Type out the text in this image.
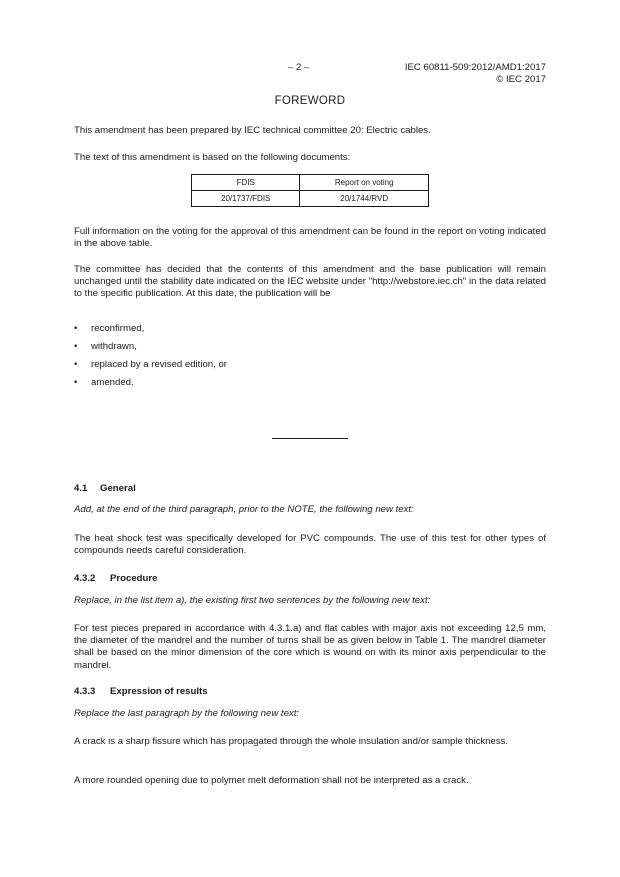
– 2 –	IEC 60811-509:2012/AMD1:2017
© IEC 2017
FOREWORD
This amendment has been prepared by IEC technical committee 20: Electric cables.
The text of this amendment is based on the following documents:
FDIS	Report on voting
20/1737/FDIS	20/1744/RVD
Full information on the voting for the approval of this amendment can be found in the report on voting indicated in the above table.
The committee has decided that the contents of this amendment and the base publication will remain unchanged until the stability date indicated on the IEC website under "http://webstore.iec.ch" in the data related to the specific publication. At this date, the publication will be
• reconfirmed,
• withdrawn,
• replaced by a revised edition, or
• amended.
4.1 General
Add, at the end of the third paragraph, prior to the NOTE, the following new text:
The heat shock test was specifically developed for PVC compounds. The use of this test for other types of compounds needs careful consideration.
4.3.2 Procedure
Replace, in the list item a), the existing first two sentences by the following new text:
For test pieces prepared in accordance with 4.3.1.a) and flat cables with major axis not exceeding 12,5 mm, the diameter of the mandrel and the number of turns shall be as given below in Table 1. The mandrel diameter shall be based on the minor dimension of the core which is wound on with its minor axis perpendicular to the mandrel.
4.3.3 Expression of results
Replace the last paragraph by the following new text:
A crack is a sharp fissure which has propagated through the whole insulation and/or sample thickness.
A more rounded opening due to polymer melt deformation shall not be interpreted as a crack.
